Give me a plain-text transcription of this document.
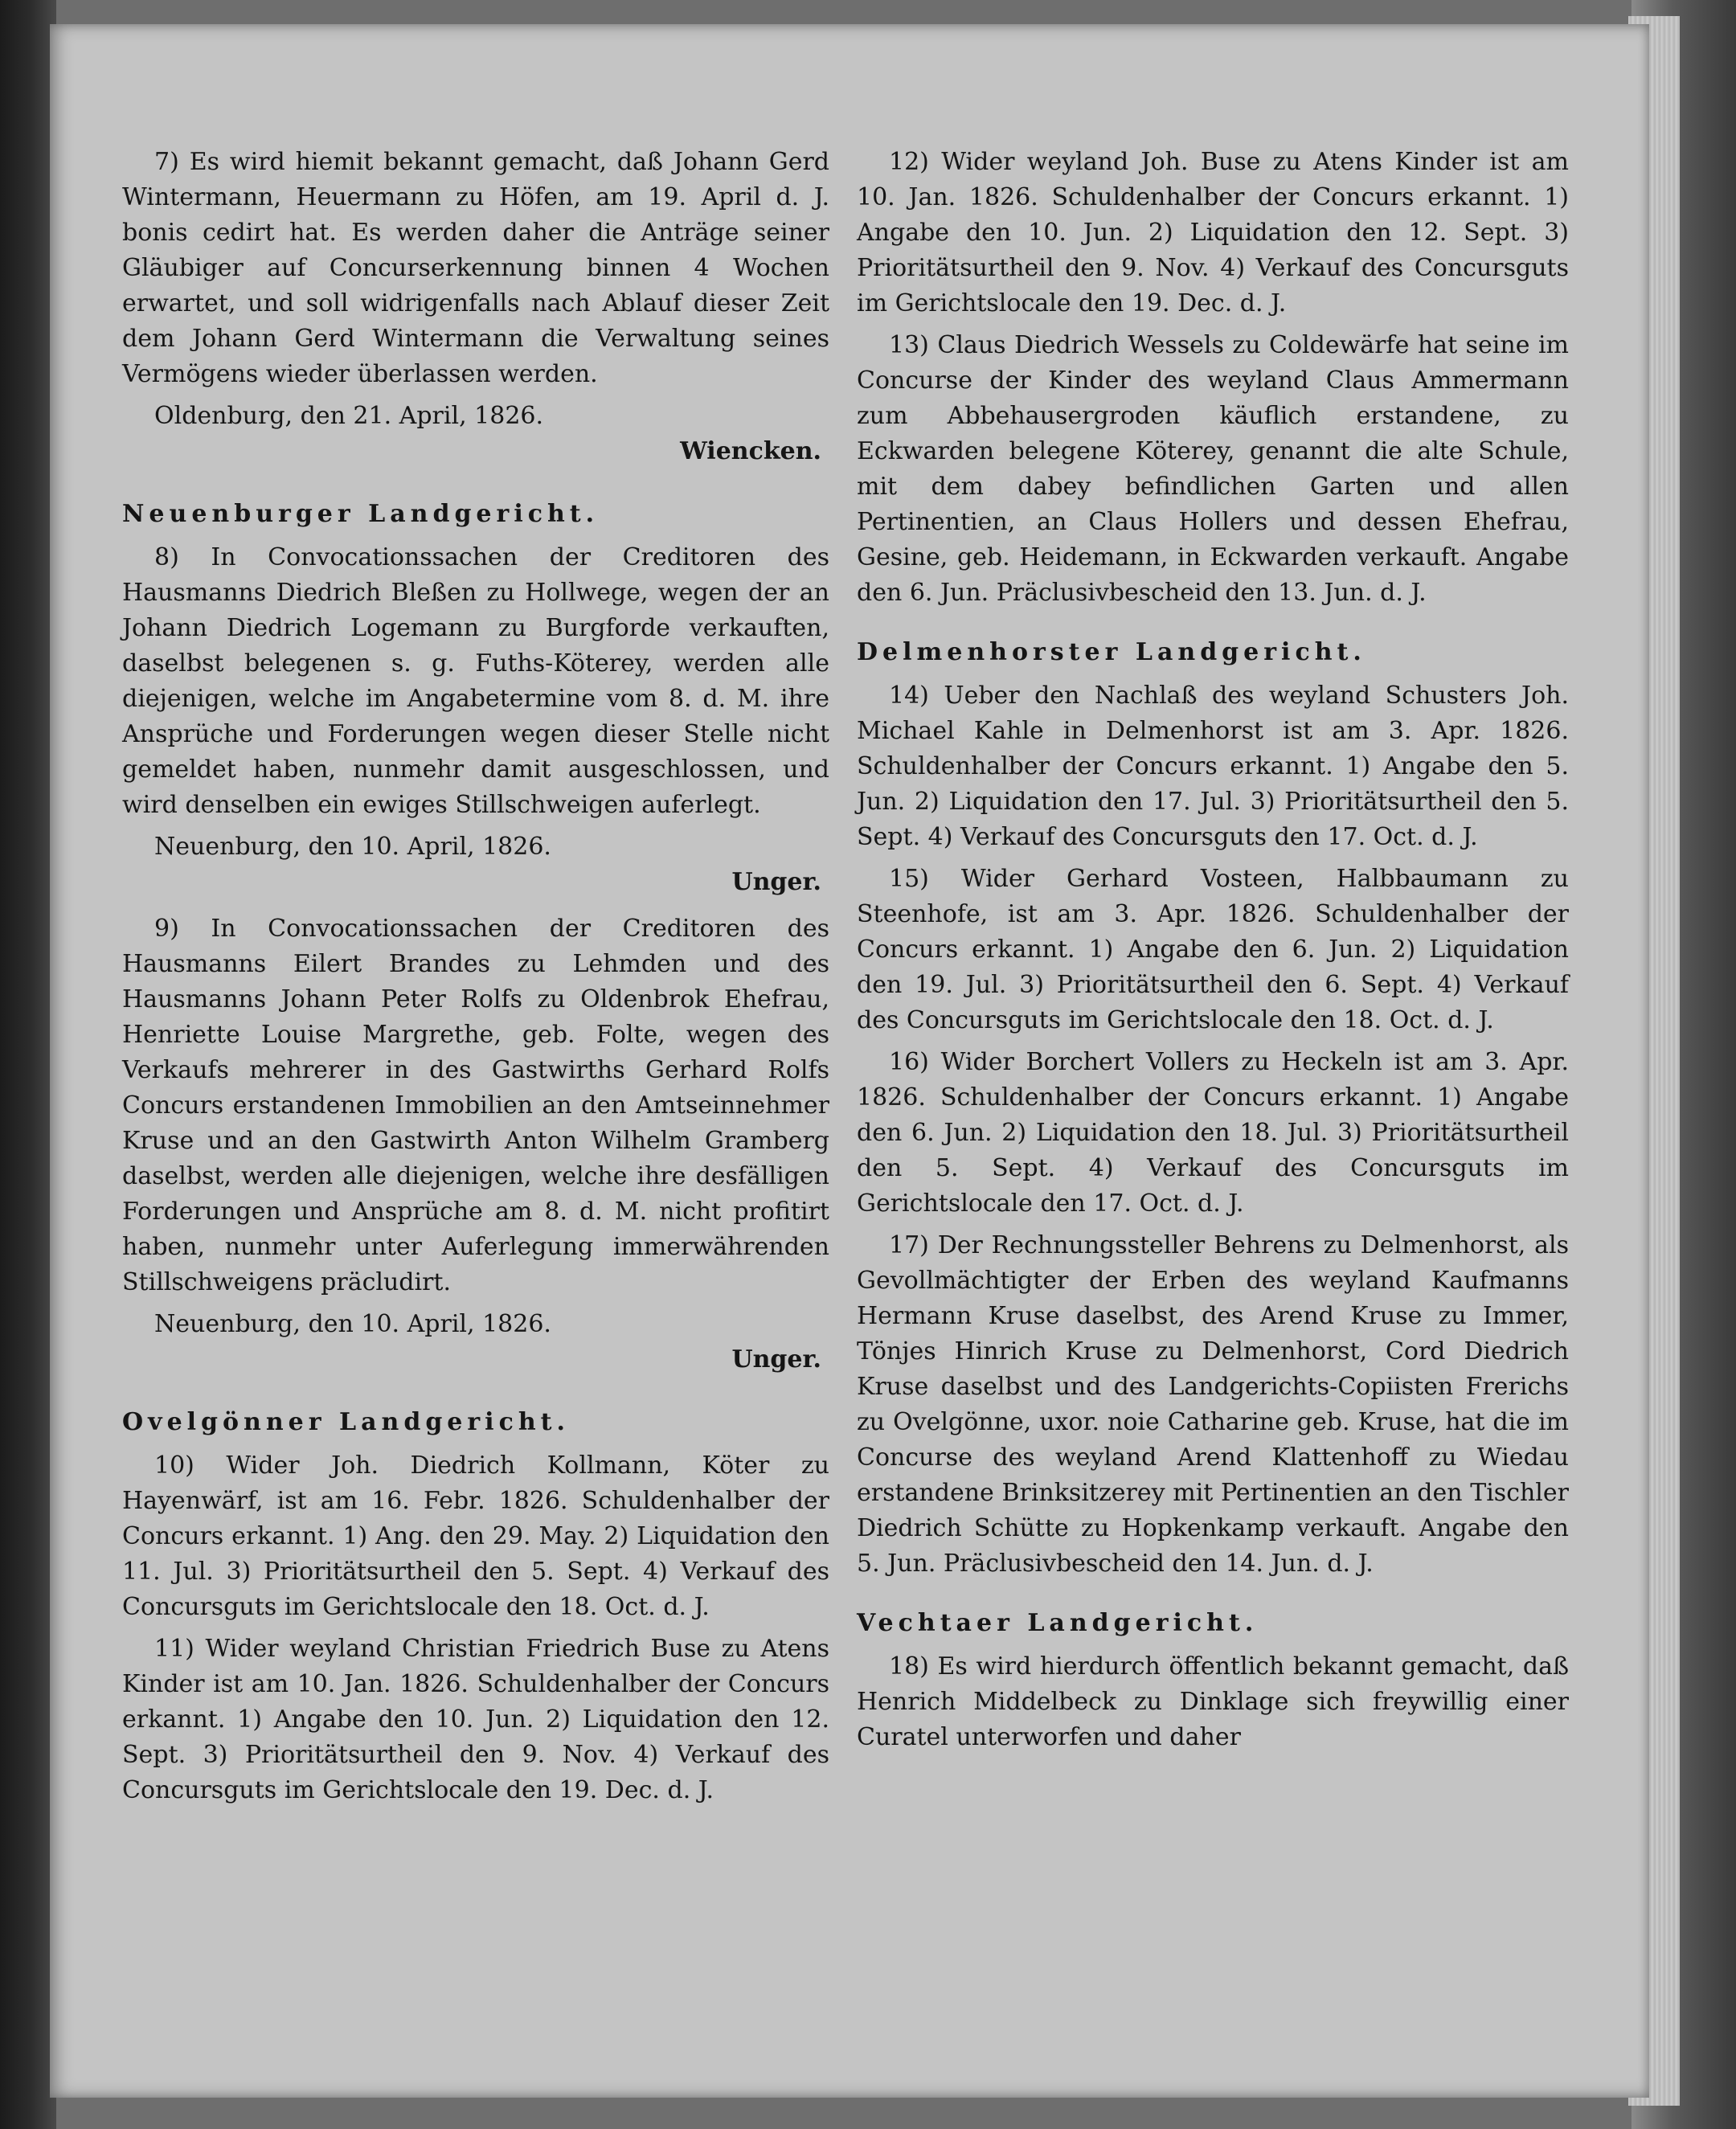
7) Es wird hiemit bekannt gemacht, daß Johann Gerd Wintermann, Heuermann zu Höfen, am 19. April d. J. bonis cedirt hat. Es werden daher die Anträge seiner Gläubiger auf Concurserkennung binnen 4 Wochen erwartet, und soll widrigenfalls nach Ablauf dieser Zeit dem Johann Gerd Wintermann die Verwaltung seines Vermögens wieder überlassen werden.

Oldenburg, den 21. April, 1826.

Wiencken.

Neuenburger Landgericht.

8) In Convocationssachen der Creditoren des Hausmanns Diedrich Bleßen zu Hollwege, wegen der an Johann Diedrich Logemann zu Burgforde verkauften, daselbst belegenen s. g. Fuths-Köterey, werden alle diejenigen, welche im Angabetermine vom 8. d. M. ihre Ansprüche und Forderungen wegen dieser Stelle nicht gemeldet haben, nunmehr damit ausgeschlossen, und wird denselben ein ewiges Stillschweigen auferlegt.

Neuenburg, den 10. April, 1826.

Unger.

9) In Convocationssachen der Creditoren des Hausmanns Eilert Brandes zu Lehmden und des Hausmanns Johann Peter Rolfs zu Oldenbrok Ehefrau, Henriette Louise Margrethe, geb. Folte, wegen des Verkaufs mehrerer in des Gastwirths Gerhard Rolfs Concurs erstandenen Immobilien an den Amtseinnehmer Kruse und an den Gastwirth Anton Wilhelm Gramberg daselbst, werden alle diejenigen, welche ihre desfälligen Forderungen und Ansprüche am 8. d. M. nicht profitirt haben, nunmehr unter Auferlegung immerwährenden Stillschweigens präcludirt.

Neuenburg, den 10. April, 1826.

Unger.

Ovelgönner Landgericht.

10) Wider Joh. Diedrich Kollmann, Köter zu Hayenwärf, ist am 16. Febr. 1826. Schuldenhalber der Concurs erkannt. 1) Ang. den 29. May. 2) Liquidation den 11. Jul. 3) Prioritätsurtheil den 5. Sept. 4) Verkauf des Concursguts im Gerichtslocale den 18. Oct. d. J.

11) Wider weyland Christian Friedrich Buse zu Atens Kinder ist am 10. Jan. 1826. Schuldenhalber der Concurs erkannt. 1) Angabe den 10. Jun. 2) Liquidation den 12. Sept. 3) Prioritätsurtheil den 9. Nov. 4) Verkauf des Concursguts im Gerichtslocale den 19. Dec. d. J.

12) Wider weyland Joh. Buse zu Atens Kinder ist am 10. Jan. 1826. Schuldenhalber der Concurs erkannt. 1) Angabe den 10. Jun. 2) Liquidation den 12. Sept. 3) Prioritätsurtheil den 9. Nov. 4) Verkauf des Concursguts im Gerichtslocale den 19. Dec. d. J.

13) Claus Diedrich Wessels zu Coldewärfe hat seine im Concurse der Kinder des weyland Claus Ammermann zum Abbehausergroden käuflich erstandene, zu Eckwarden belegene Köterey, genannt die alte Schule, mit dem dabey befindlichen Garten und allen Pertinentien, an Claus Hollers und dessen Ehefrau, Gesine, geb. Heidemann, in Eckwarden verkauft. Angabe den 6. Jun. Präclusivbescheid den 13. Jun. d. J.

Delmenhorster Landgericht.

14) Ueber den Nachlaß des weyland Schusters Joh. Michael Kahle in Delmenhorst ist am 3. Apr. 1826. Schuldenhalber der Concurs erkannt. 1) Angabe den 5. Jun. 2) Liquidation den 17. Jul. 3) Prioritätsurtheil den 5. Sept. 4) Verkauf des Concursguts den 17. Oct. d. J.

15) Wider Gerhard Vosteen, Halbbaumann zu Steenhofe, ist am 3. Apr. 1826. Schuldenhalber der Concurs erkannt. 1) Angabe den 6. Jun. 2) Liquidation den 19. Jul. 3) Prioritätsurtheil den 6. Sept. 4) Verkauf des Concursguts im Gerichtslocale den 18. Oct. d. J.

16) Wider Borchert Vollers zu Heckeln ist am 3. Apr. 1826. Schuldenhalber der Concurs erkannt. 1) Angabe den 6. Jun. 2) Liquidation den 18. Jul. 3) Prioritätsurtheil den 5. Sept. 4) Verkauf des Concursguts im Gerichtslocale den 17. Oct. d. J.

17) Der Rechnungssteller Behrens zu Delmenhorst, als Gevollmächtigter der Erben des weyland Kaufmanns Hermann Kruse daselbst, des Arend Kruse zu Immer, Tönjes Hinrich Kruse zu Delmenhorst, Cord Diedrich Kruse daselbst und des Landgerichts-Copiisten Frerichs zu Ovelgönne, uxor. noie Catharine geb. Kruse, hat die im Concurse des weyland Arend Klattenhoff zu Wiedau erstandene Brinksitzerey mit Pertinentien an den Tischler Diedrich Schütte zu Hopkenkamp verkauft. Angabe den 5. Jun. Präclusivbescheid den 14. Jun. d. J.

Vechtaer Landgericht.

18) Es wird hierdurch öffentlich bekannt gemacht, daß Henrich Middelbeck zu Dinklage sich freywillig einer Curatel unterworfen und daher
